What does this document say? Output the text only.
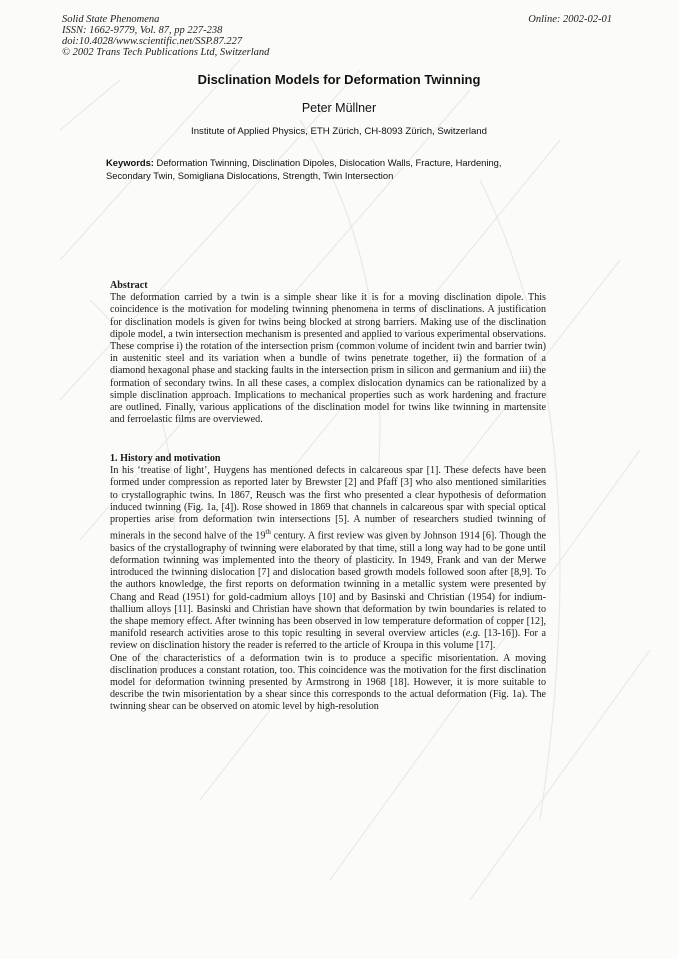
Solid State Phenomena
ISSN: 1662-9779, Vol. 87, pp 227-238
doi:10.4028/www.scientific.net/SSP.87.227
© 2002 Trans Tech Publications Ltd, Switzerland
Online: 2002-02-01
Disclination Models for Deformation Twinning
Peter Müllner
Institute of Applied Physics, ETH Zürich, CH-8093 Zürich, Switzerland
Keywords: Deformation Twinning, Disclination Dipoles, Dislocation Walls, Fracture, Hardening, Secondary Twin, Somigliana Dislocations, Strength, Twin Intersection
Abstract

The deformation carried by a twin is a simple shear like it is for a moving disclination dipole. This coincidence is the motivation for modeling twinning phenomena in terms of disclinations. A justification for disclination models is given for twins being blocked at strong barriers. Making use of the disclination dipole model, a twin intersection mechanism is presented and applied to various experimental observations. These comprise i) the rotation of the intersection prism (common volume of incident twin and barrier twin) in austenitic steel and its variation when a bundle of twins penetrate together, ii) the formation of a diamond hexagonal phase and stacking faults in the intersection prism in silicon and germanium and iii) the formation of secondary twins. In all these cases, a complex dislocation dynamics can be rationalized by a simple disclination approach. Implications to mechanical properties such as work hardening and fracture are outlined. Finally, various applications of the disclination model for twins like twinning in martensite and ferroelastic films are overviewed.

1. History and motivation

In his ‘treatise of light’, Huygens has mentioned defects in calcareous spar [1]. These defects have been formed under compression as reported later by Brewster [2] and Pfaff [3] who also mentioned similarities to crystallographic twins. In 1867, Reusch was the first who presented a clear hypothesis of deformation induced twinning (Fig. 1a, [4]). Rose showed in 1869 that channels in calcareous spar with special optical properties arise from deformation twin intersections [5]. A number of researchers studied twinning of minerals in the second halve of the 19th century. A first review was given by Johnson 1914 [6]. Though the basics of the crystallography of twinning were elaborated by that time, still a long way had to be gone until deformation twinning was implemented into the theory of plasticity. In 1949, Frank and van der Merwe introduced the twinning dislocation [7] and dislocation based growth models followed soon after [8,9]. To the authors knowledge, the first reports on deformation twinning in a metallic system were presented by Chang and Read (1951) for gold-cadmium alloys [10] and by Basinski and Christian (1954) for indium-thallium alloys [11]. Basinski and Christian have shown that deformation by twin boundaries is related to the shape memory effect. After twinning has been observed in low temperature deformation of copper [12], manifold research activities arose to this topic resulting in several overview articles (e.g. [13-16]). For a review on disclination history the reader is referred to the article of Kroupa in this volume [17].

One of the characteristics of a deformation twin is to produce a specific misorientation. A moving disclination produces a constant rotation, too. This coincidence was the motivation for the first disclination model for deformation twinning presented by Armstrong in 1968 [18]. However, it is more suitable to describe the twin misorientation by a shear since this corresponds to the actual deformation (Fig. 1a). The twinning shear can be observed on atomic level by high-resolution
